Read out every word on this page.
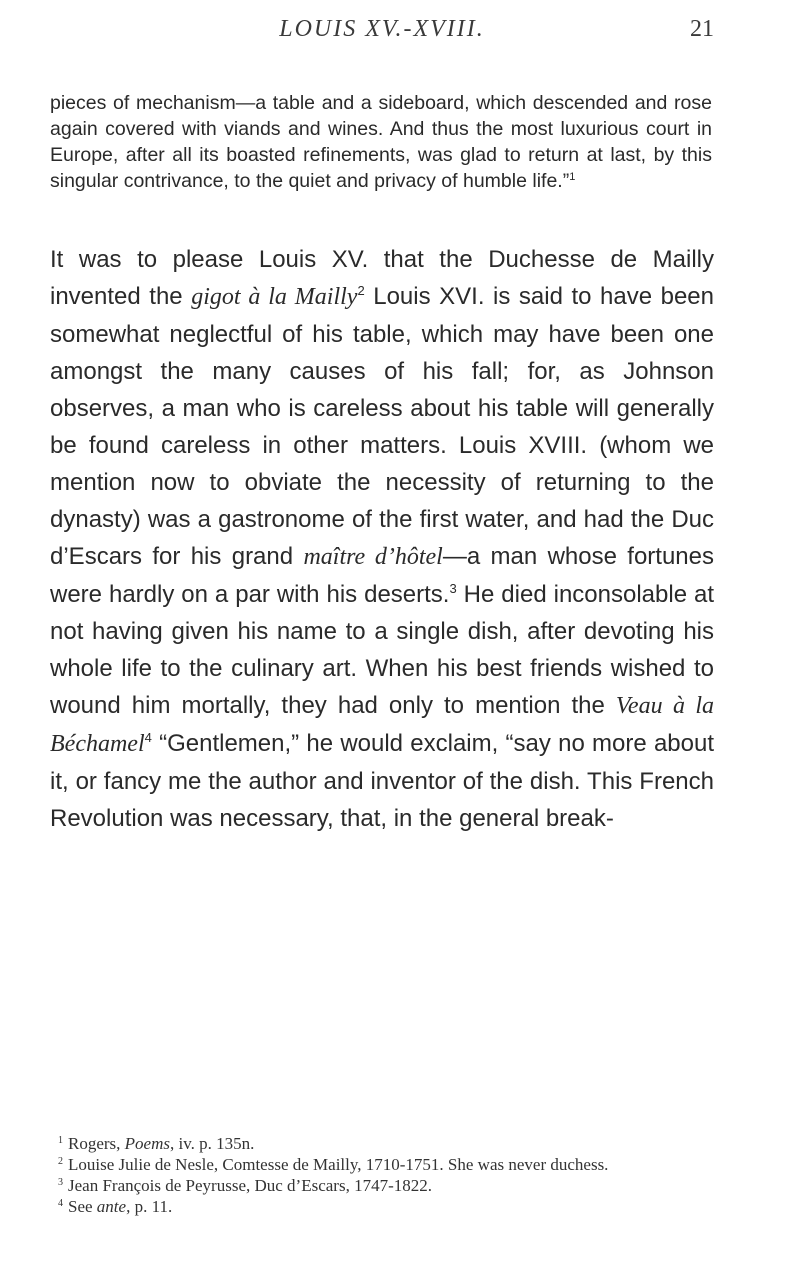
LOUIS XV.-XVIII.	21

pieces of mechanism—a table and a sideboard, which descended and rose again covered with viands and wines. And thus the most luxurious court in Europe, after all its boasted refinements, was glad to return at last, by this singular contrivance, to the quiet and privacy of humble life.”$^1$

It was to please Louis XV. that the Duchesse de Mailly invented the gigot à la Mailly$^2$ Louis XVI. is said to have been somewhat neglectful of his table, which may have been one amongst the many causes of his fall; for, as Johnson observes, a man who is careless about his table will generally be found careless in other matters. Louis XVIII. (whom we mention now to obviate the necessity of returning to the dynasty) was a gastronome of the first water, and had the Duc d’Escars for his grand maître d’hôtel—a man whose fortunes were hardly on a par with his deserts.$^3$ He died inconsolable at not having given his name to a single dish, after devoting his whole life to the culinary art. When his best friends wished to wound him mortally, they had only to mention the Veau à la Béchamel$^4$ “Gentlemen,” he would exclaim, “say no more about it, or fancy me the author and inventor of the dish. This French Revolution was necessary, that, in the general break-

$^1$ Rogers, Poems, iv. p. 135n.

$^2$ Louise Julie de Nesle, Comtesse de Mailly, 1710-1751. She was never duchess.

$^3$ Jean François de Peyrusse, Duc d’Escars, 1747-1822.

$^4$ See ante, p. 11.
